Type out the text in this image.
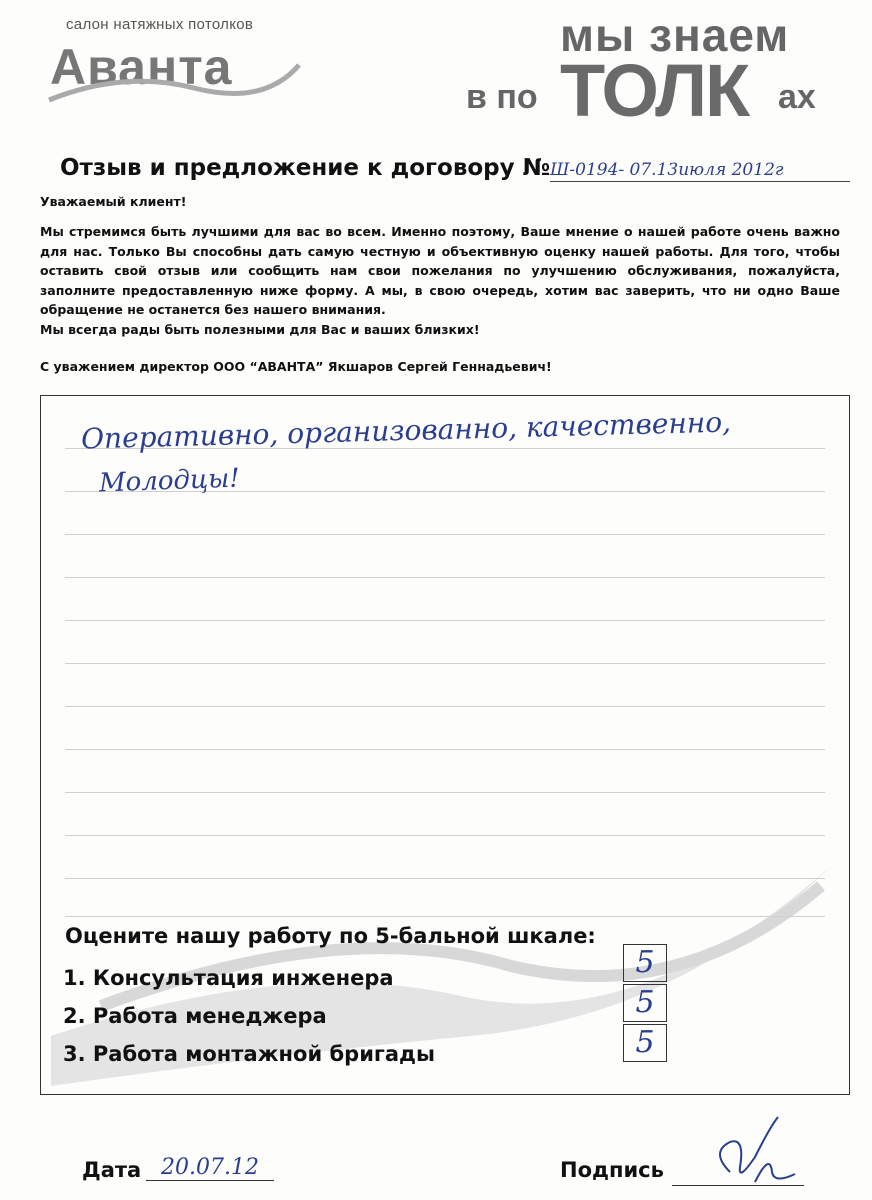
салон натяжных потолков
Аванта
мы знаем
в по ТОЛК ах
Отзыв и предложение к договору № Ш-0194- 07.13июля 2012г
Уважаемый клиент!
Мы стремимся быть лучшими для вас во всем. Именно поэтому, Ваше мнение о нашей работе очень важно для нас. Только Вы способны дать самую честную и объективную оценку нашей работы. Для того, чтобы оставить свой отзыв или сообщить нам свои пожелания по улучшению обслуживания, пожалуйста, заполните предоставленную ниже форму. А мы, в свою очередь, хотим вас заверить, что ни одно Ваше обращение не останется без нашего внимания.
Мы всегда рады быть полезными для Вас и ваших близких!
С уважением директор ООО “АВАНТА” Якшаров Сергей Геннадьевич!
Оперативно, организованно, качественно,
Молодцы!
Оцените нашу работу по 5-бальной шкале:
1. Консультация инженера	5
2. Работа менеджера	5
3. Работа монтажной бригады	5
Дата 20.07.12	Подпись
